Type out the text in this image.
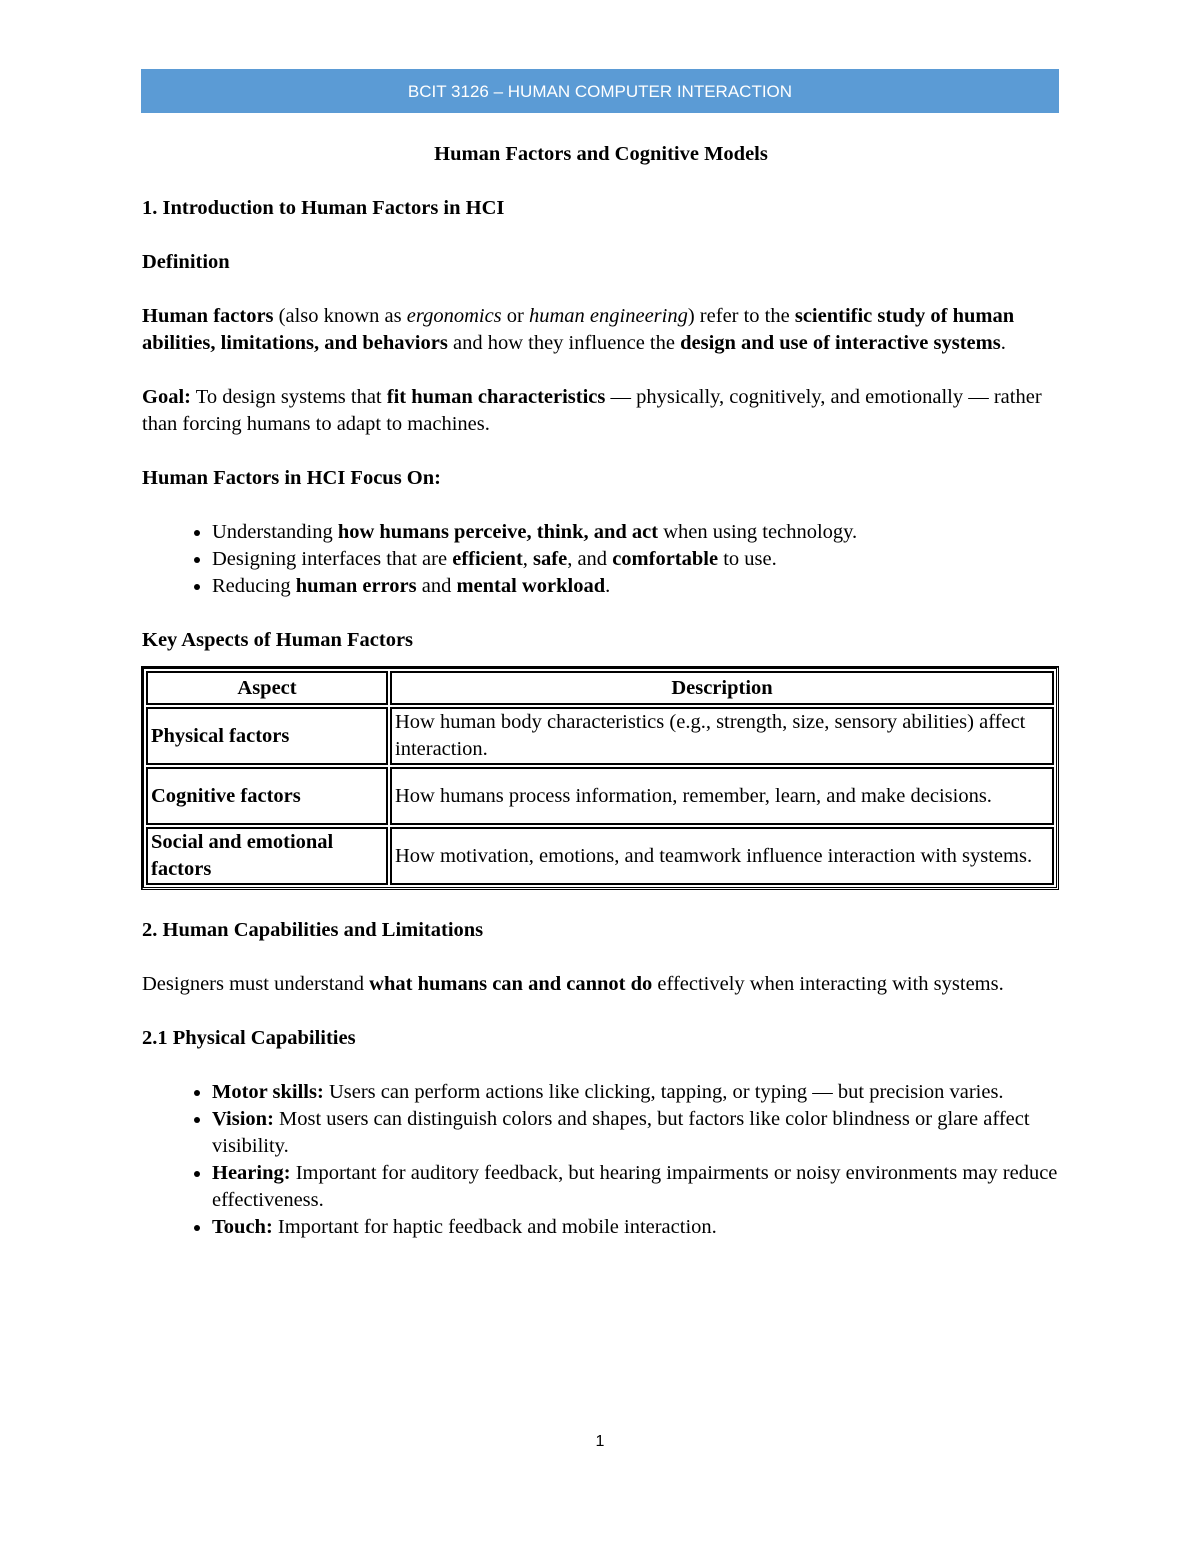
BCIT 3126 – HUMAN COMPUTER INTERACTION
Human Factors and Cognitive Models
1. Introduction to Human Factors in HCI
Definition

Human factors (also known as ergonomics or human engineering) refer to the scientific study of human abilities, limitations, and behaviors and how they influence the design and use of interactive systems.

Goal: To design systems that fit human characteristics — physically, cognitively, and emotionally — rather than forcing humans to adapt to machines.

Human Factors in HCI Focus On:
• Understanding how humans perceive, think, and act when using technology.
• Designing interfaces that are efficient, safe, and comfortable to use.
• Reducing human errors and mental workload.
Key Aspects of Human Factors
Aspect	Description
Physical factors	How human body characteristics (e.g., strength, size, sensory abilities) affect interaction.
Cognitive factors	How humans process information, remember, learn, and make decisions.
Social and emotional factors	How motivation, emotions, and teamwork influence interaction with systems.
2. Human Capabilities and Limitations

Designers must understand what humans can and cannot do effectively when interacting with systems.

2.1 Physical Capabilities
• Motor skills: Users can perform actions like clicking, tapping, or typing — but precision varies.
• Vision: Most users can distinguish colors and shapes, but factors like color blindness or glare affect visibility.
• Hearing: Important for auditory feedback, but hearing impairments or noisy environments may reduce effectiveness.
• Touch: Important for haptic feedback and mobile interaction.
1
